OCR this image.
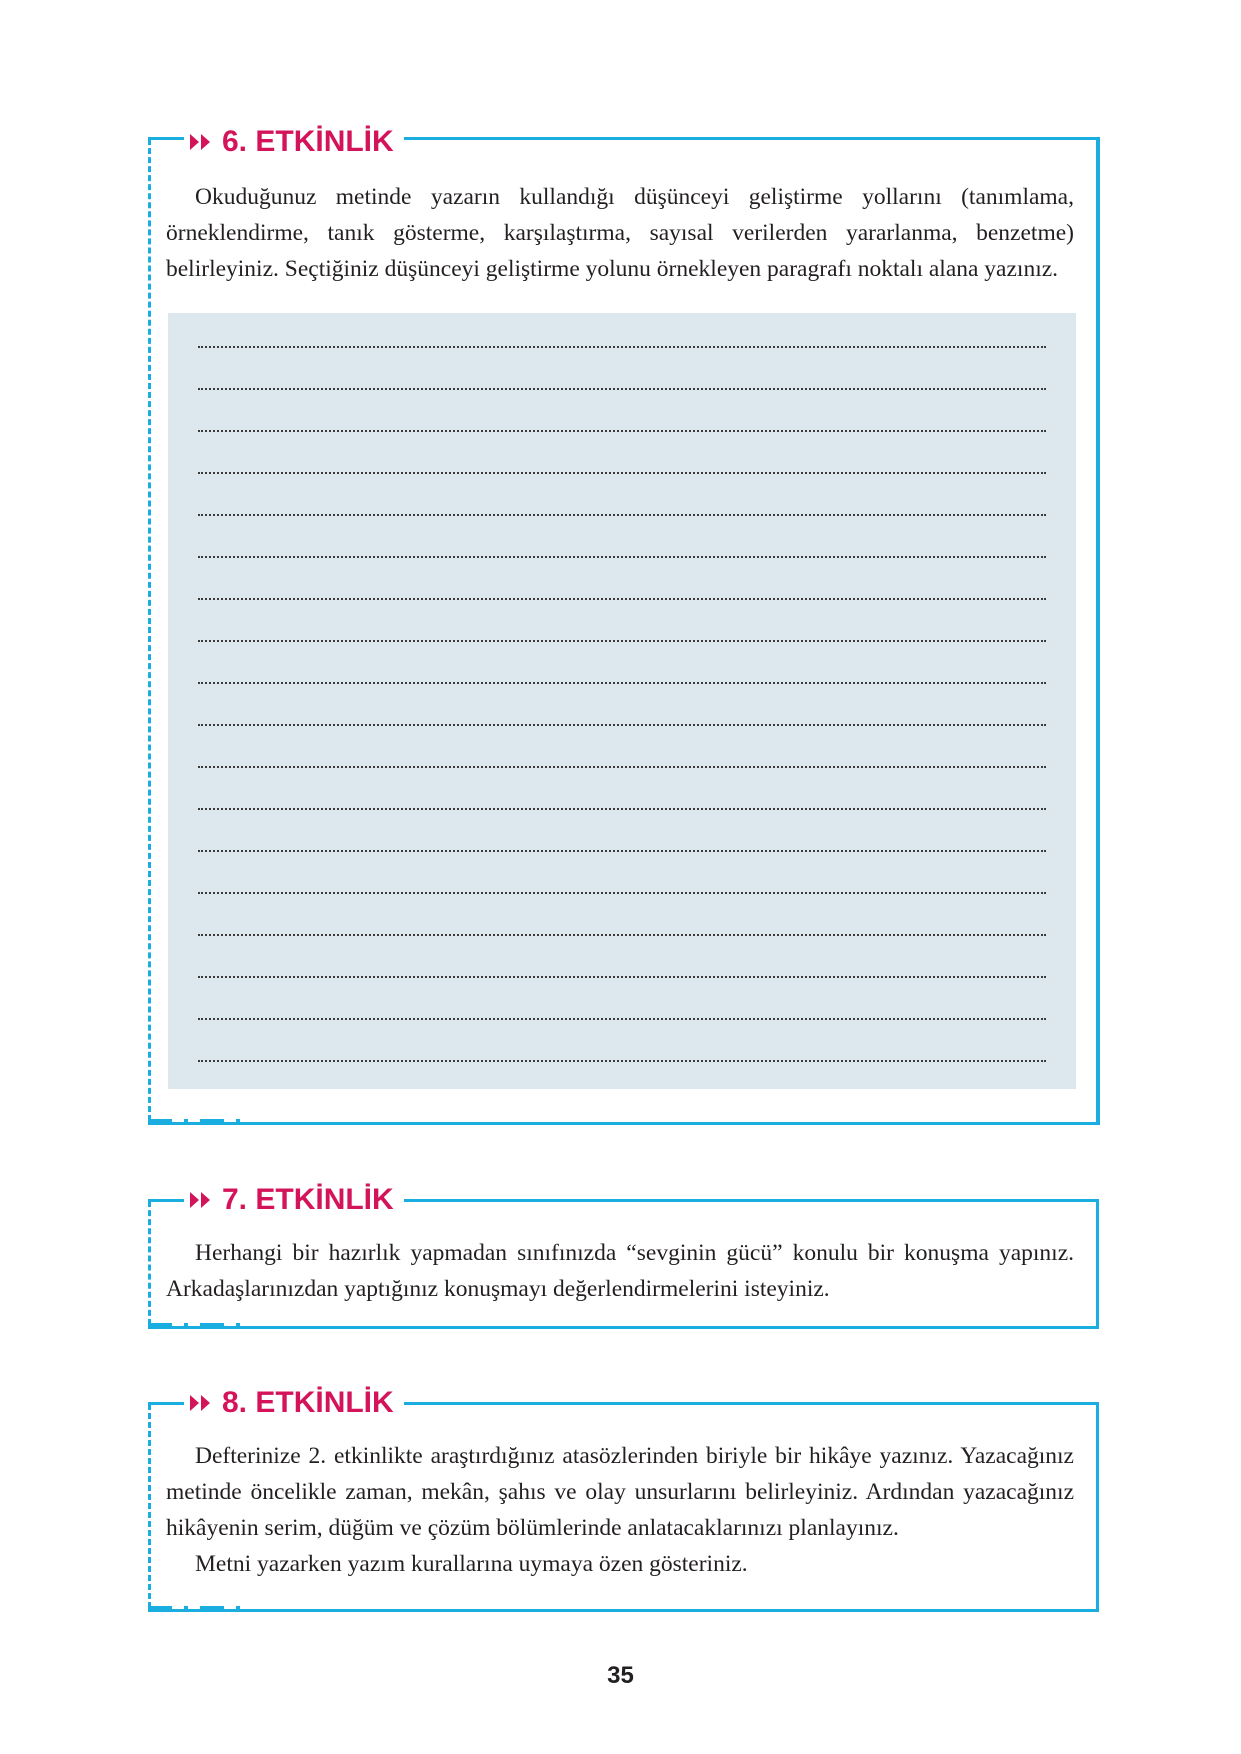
6. ETKİNLİK

Okuduğunuz metinde yazarın kullandığı düşünceyi geliştirme yollarını (tanımlama, örneklendirme, tanık gösterme, karşılaştırma, sayısal verilerden yararlanma, benzetme) belirleyiniz. Seçtiğiniz düşünceyi geliştirme yolunu örnekleyen paragrafı noktalı alana yazınız.

7. ETKİNLİK

Herhangi bir hazırlık yapmadan sınıfınızda “sevginin gücü” konulu bir konuşma yapınız. Arkadaşlarınızdan yaptığınız konuşmayı değerlendirmelerini isteyiniz.

8. ETKİNLİK

Defterinize 2. etkinlikte araştırdığınız atasözlerinden biriyle bir hikâye yazınız. Yazacağınız metinde öncelikle zaman, mekân, şahıs ve olay unsurlarını belirleyiniz. Ardından yazacağınız hikâyenin serim, düğüm ve çözüm bölümlerinde anlatacaklarınızı planlayınız.

Metni yazarken yazım kurallarına uymaya özen gösteriniz.

35
